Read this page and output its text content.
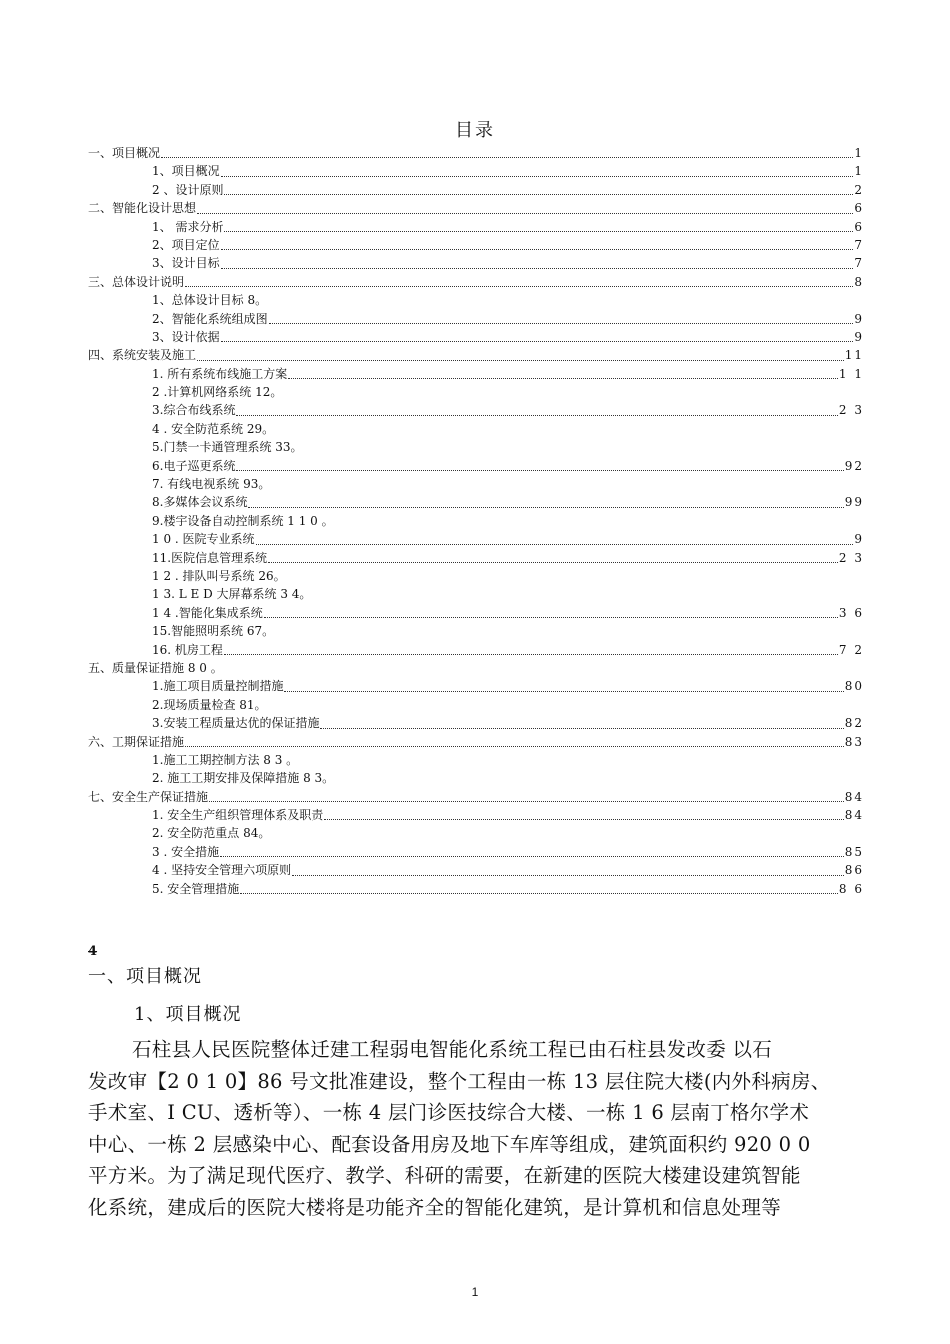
目录
一、项目概况	1
1、项目概况	1
2 、设计原则	2
二、智能化设计思想	6
1、 需求分析	6
2、项目定位	7
3、设计目标	7
三、总体设计说明	8
1、总体设计目标 8。
2、智能化系统组成图	9
3、设计依据	9
四、系统安装及施工	11
1. 所有系统布线施工方案	1 1
2 .计算机网络系统 12。
3.综合布线系统	2 3
4 . 安全防范系统 29。
5.门禁一卡通管理系统 33。
6.电子巡更系统	92
7. 有线电视系统 93。
8.多媒体会议系统	99
9.楼宇设备自动控制系统 1 1 0 。
1 0 . 医院专业系统	9
11.医院信息管理系统	2 3
1 2 . 排队叫号系统 26。
1 3. L E D 大屏幕系统 3 4。
1 4 .智能化集成系统	3 6
15.智能照明系统 67。
16. 机房工程	7 2
五、质量保证措施 8 0 。
1.施工项目质量控制措施	80
2.现场质量检查 81。
3.安装工程质量达优的保证措施	82
六、工期保证措施	83
1.施工工期控制方法 8 3 。
2. 施工工期安排及保障措施 8 3。
七、安全生产保证措施	84
1. 安全生产组织管理体系及职责	84
2. 安全防范重点 84。
3 . 安全措施	85
4 . 坚持安全管理六项原则	86
5. 安全管理措施	8 6
4
一、项目概况
1、项目概况
石柱县人民医院整体迁建工程弱电智能化系统工程已由石柱县发改委 以石
发改审【2 0 1 0】86 号文批准建设，整个工程由一栋 13 层住院大楼(内外科病房、
手术室、I CU、透析等）、一栋 4 层门诊医技综合大楼、一栋 1 6 层南丁格尔学术
中心、一栋 2 层感染中心、配套设备用房及地下车库等组成，建筑面积约 920 0 0
平方米。为了满足现代医疗、教学、科研的需要，在新建的医院大楼建设建筑智能
化系统，建成后的医院大楼将是功能齐全的智能化建筑，是计算机和信息处理等
1
